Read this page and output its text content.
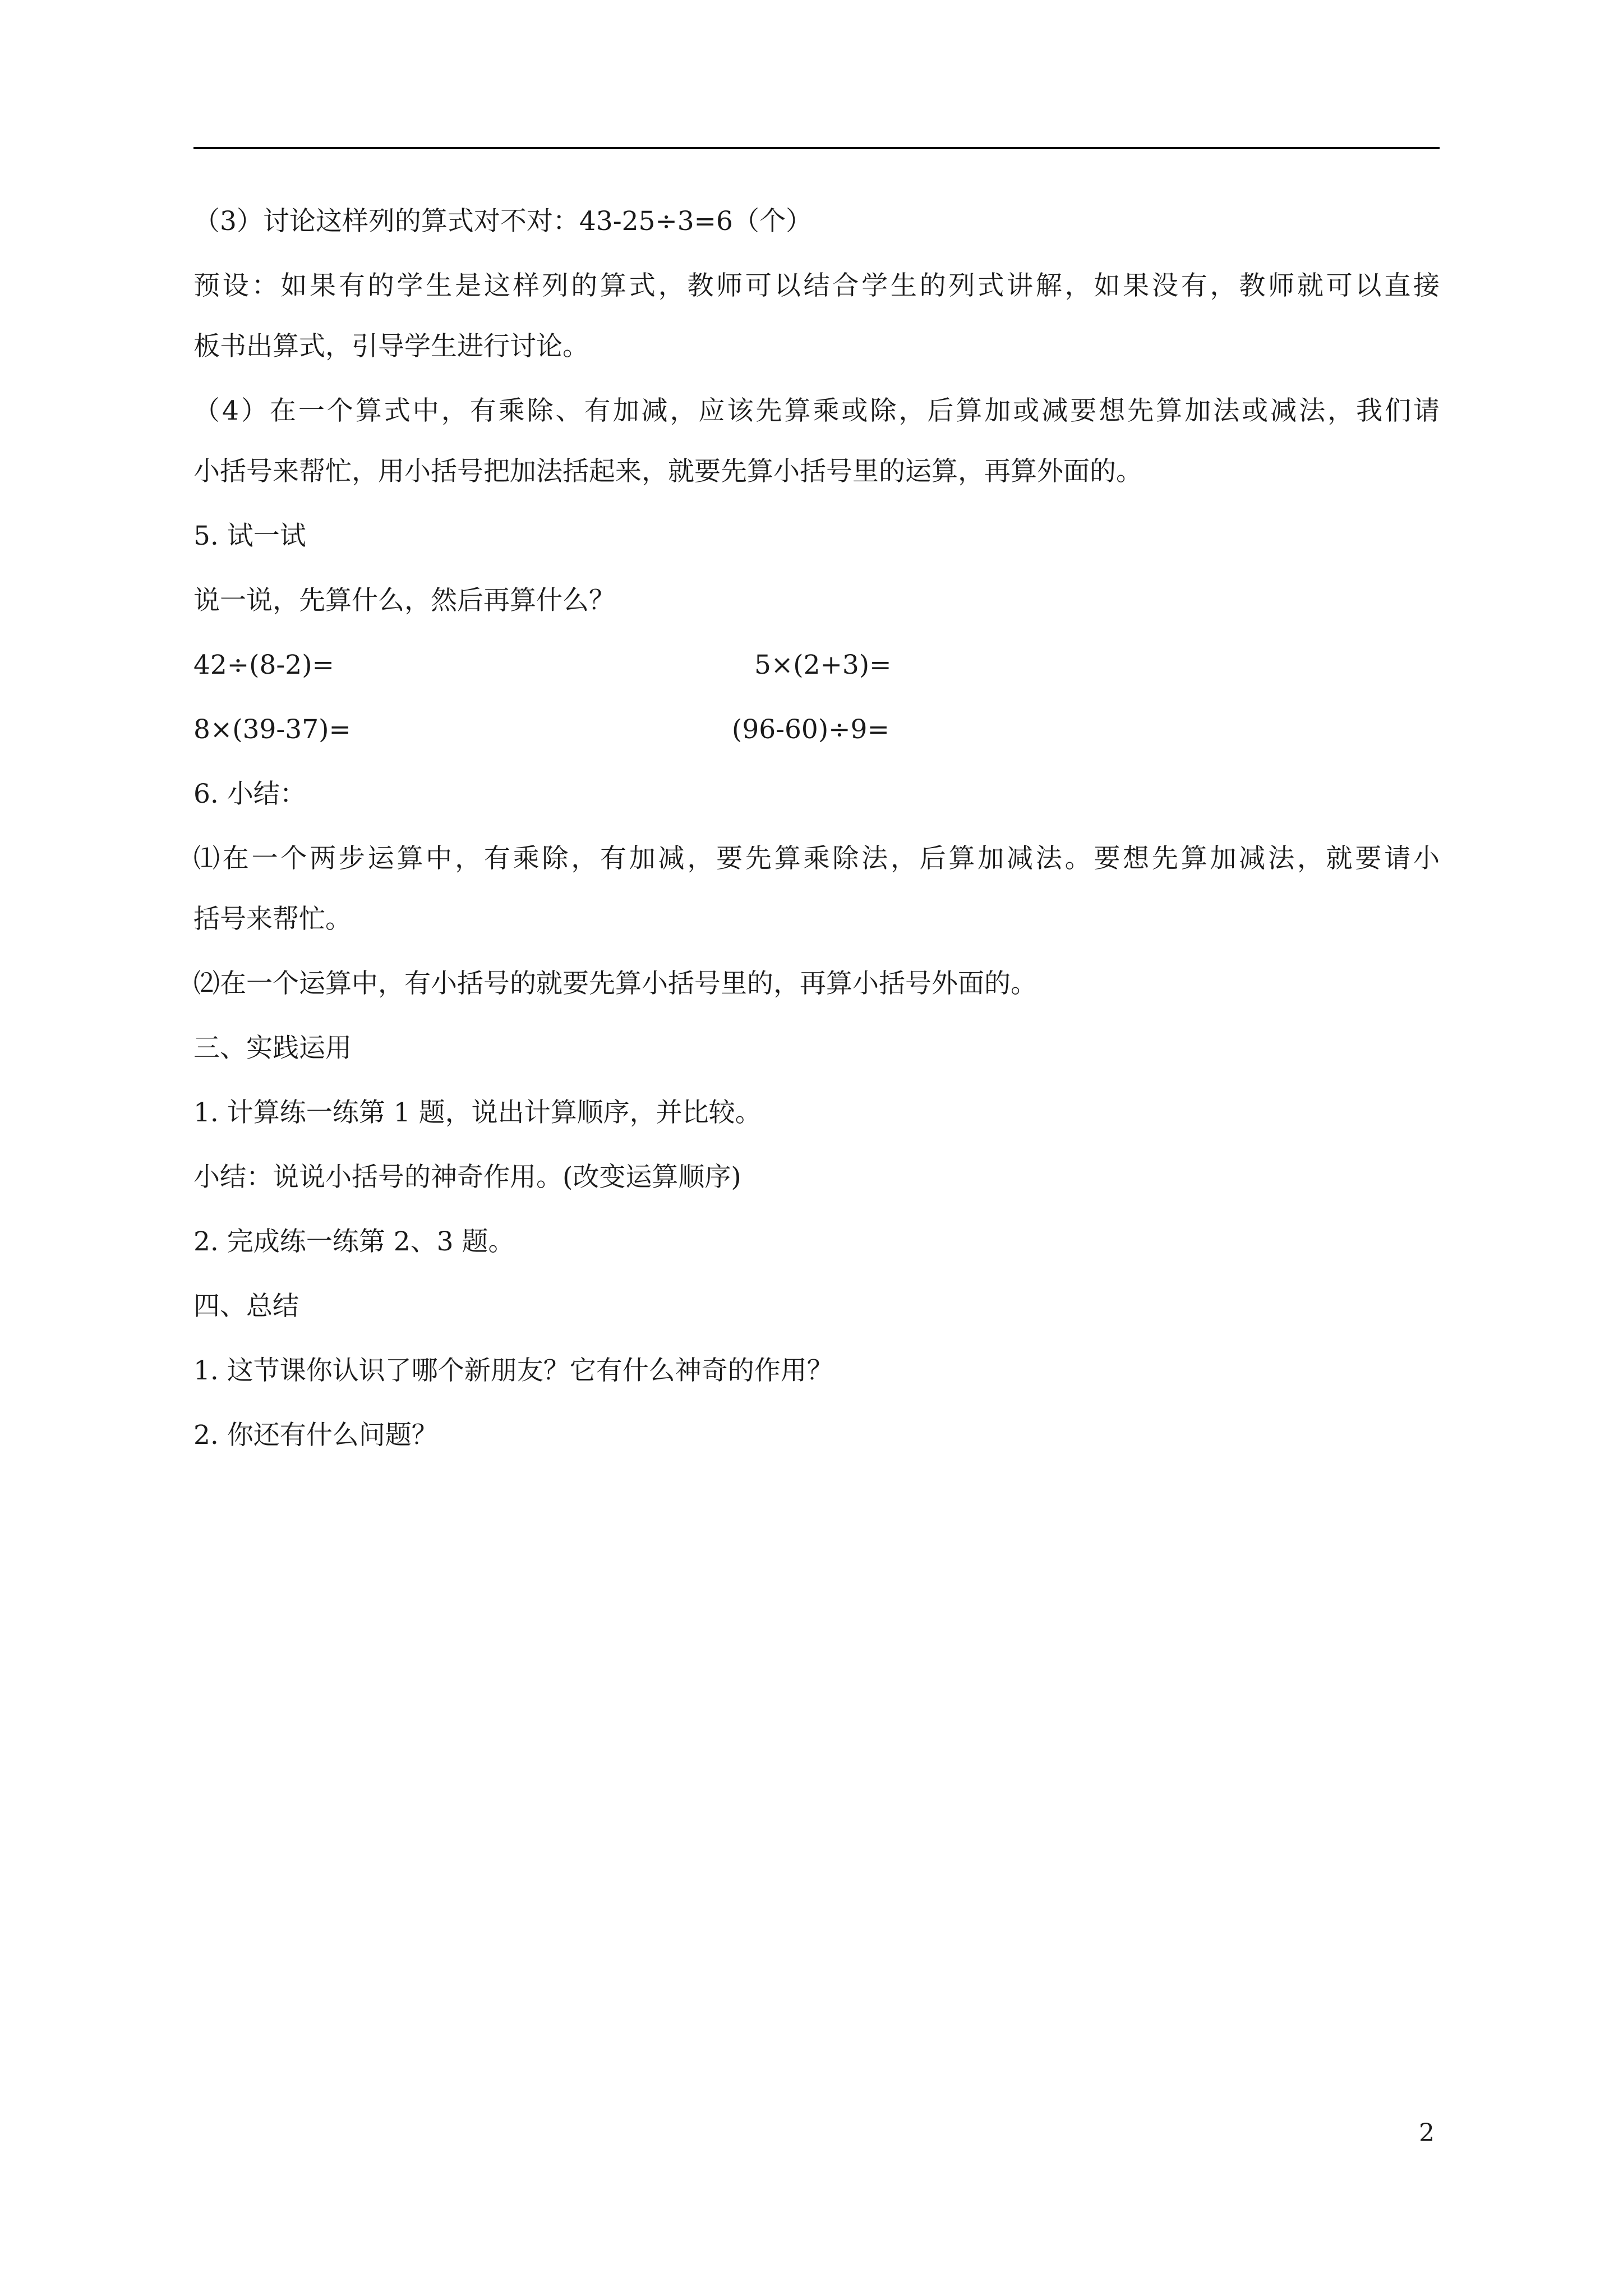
（3）讨论这样列的算式对不对：43-25÷3=6（个）
预设：如果有的学生是这样列的算式，教师可以结合学生的列式讲解，如果没有，教师就可以直接
板书出算式，引导学生进行讨论。
（4）在一个算式中，有乘除、有加减，应该先算乘或除，后算加或减要想先算加法或减法，我们请
小括号来帮忙，用小括号把加法括起来，就要先算小括号里的运算，再算外面的。
5. 试一试
说一说，先算什么，然后再算什么？
42÷(8-2)=	5×(2+3)=
8×(39-37)=	(96-60)÷9=
6. 小结：
⑴在一个两步运算中，有乘除，有加减，要先算乘除法，后算加减法。要想先算加减法，就要请小
括号来帮忙。
⑵在一个运算中，有小括号的就要先算小括号里的，再算小括号外面的。
三、实践运用
1. 计算练一练第 1 题，说出计算顺序，并比较。
小结：说说小括号的神奇作用。(改变运算顺序)
2. 完成练一练第 2、3 题。
四、总结
1. 这节课你认识了哪个新朋友？它有什么神奇的作用？
2. 你还有什么问题？
2
